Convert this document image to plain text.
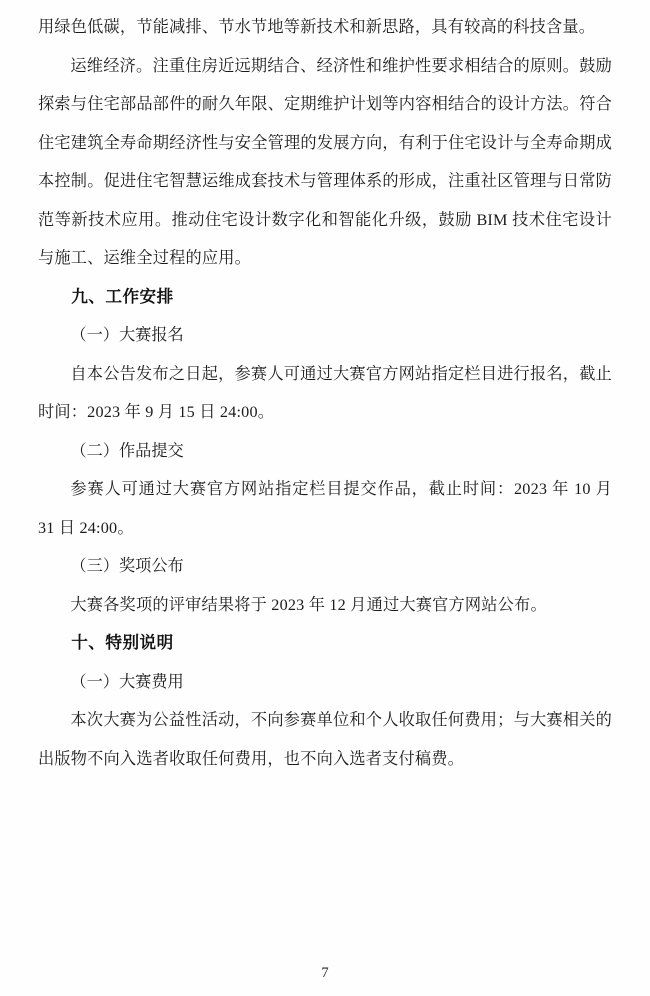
用绿色低碳，节能减排、节水节地等新技术和新思路，具有较高的科技含量。

运维经济。注重住房近远期结合、经济性和维护性要求相结合的原则。鼓励探索与住宅部品部件的耐久年限、定期维护计划等内容相结合的设计方法。符合住宅建筑全寿命期经济性与安全管理的发展方向，有利于住宅设计与全寿命期成本控制。促进住宅智慧运维成套技术与管理体系的形成，注重社区管理与日常防范等新技术应用。推动住宅设计数字化和智能化升级，鼓励 BIM 技术住宅设计与施工、运维全过程的应用。

九、工作安排

（一）大赛报名

自本公告发布之日起，参赛人可通过大赛官方网站指定栏目进行报名，截止时间：2023 年 9 月 15 日 24:00。

（二）作品提交

参赛人可通过大赛官方网站指定栏目提交作品，截止时间：2023 年 10 月 31 日 24:00。

（三）奖项公布

大赛各奖项的评审结果将于 2023 年 12 月通过大赛官方网站公布。

十、特别说明

（一）大赛费用

本次大赛为公益性活动，不向参赛单位和个人收取任何费用；与大赛相关的出版物不向入选者收取任何费用，也不向入选者支付稿费。

7
